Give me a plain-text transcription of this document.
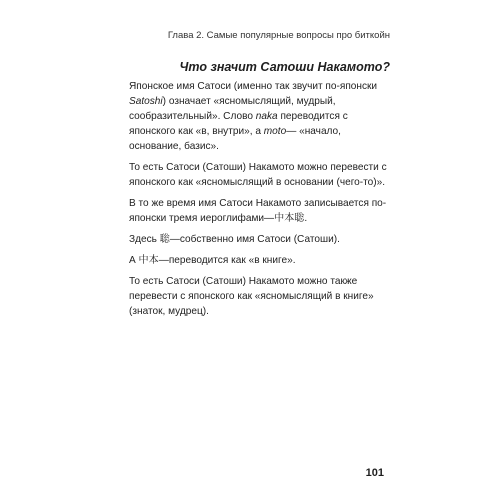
Глава 2. Самые популярные вопросы про биткойн
Что значит Сатоши Накамото?

Японское имя Сатоси (именно так звучит по-японски Satoshi) означает «ясномыслящий, мудрый, сообразительный». Слово naka переводится с японского как «в, внутри», а moto— «начало, основание, базис».

То есть Сатоси (Сатоши) Накамото можно перевести с японского как «ясномыслящий в основании (чего-то)».

В то же время имя Сатоси Накамото записывается по-японски тремя иероглифами—中本聡.

Здесь 聡—собственно имя Сатоси (Сатоши).

А 中本—переводится как «в книге».

То есть Сатоси (Сатоши) Накамото можно также перевести с японского как «ясномыслящий в книге» (знаток, мудрец).

101
